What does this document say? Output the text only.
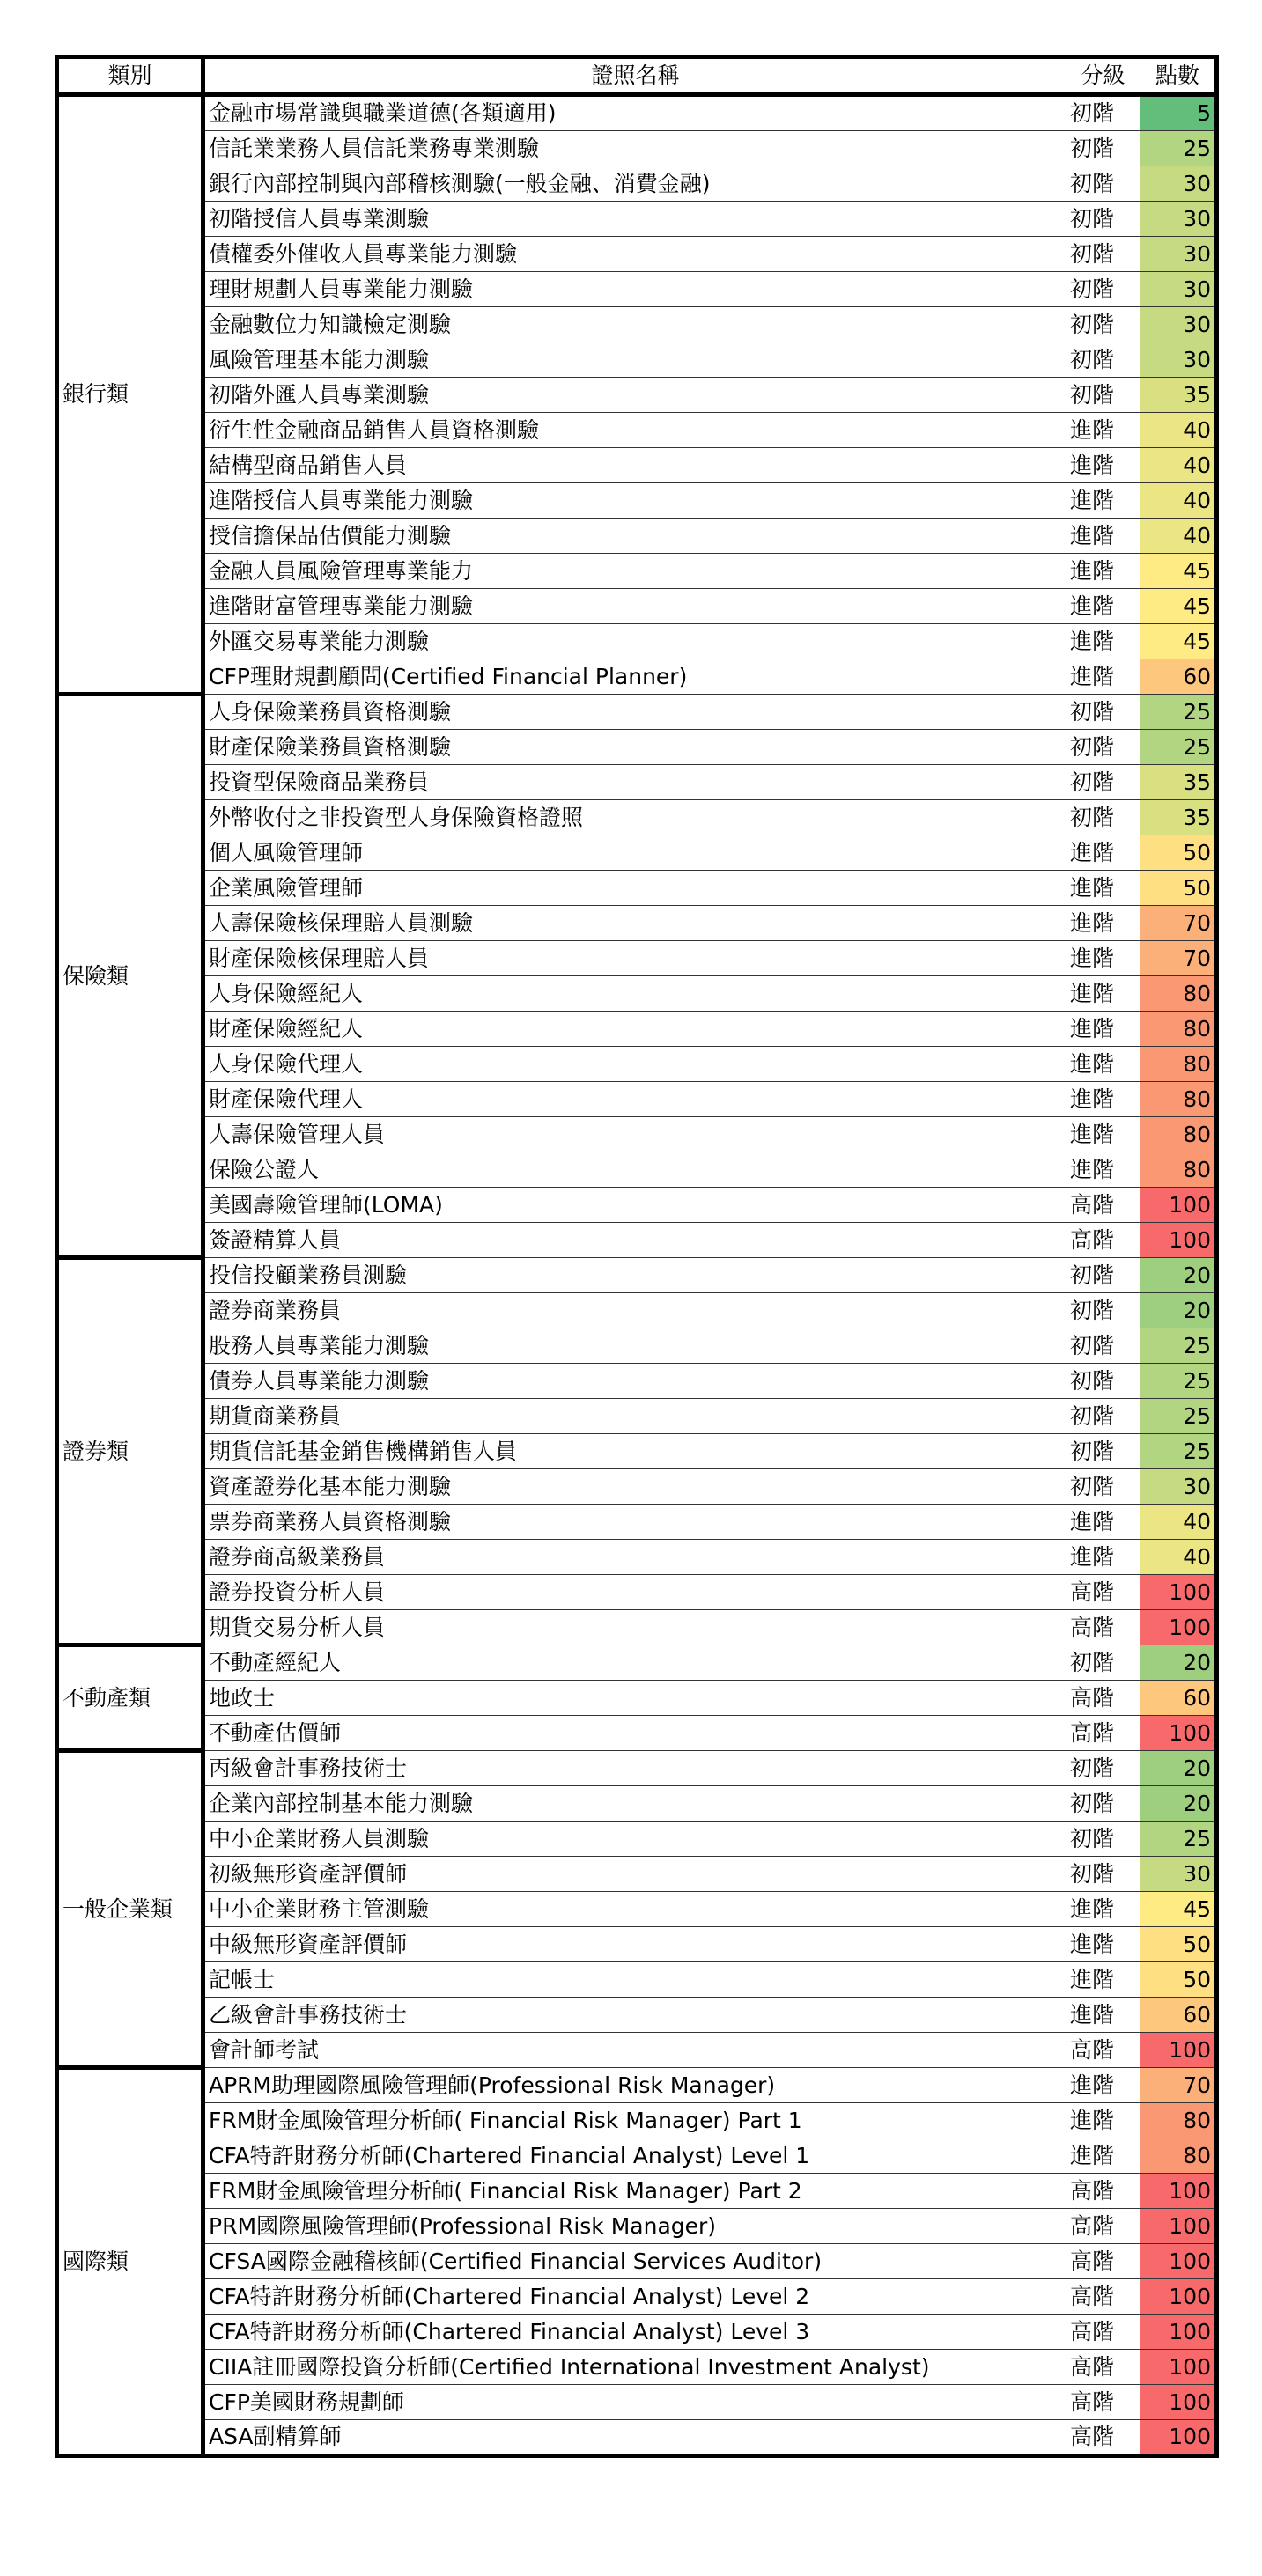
類別	證照名稱	分級	點數
銀行類	金融市場常識與職業道德(各類適用)	初階	5
	信託業業務人員信託業務專業測驗	初階	25
	銀行內部控制與內部稽核測驗(一般金融、消費金融)	初階	30
	初階授信人員專業測驗	初階	30
	債權委外催收人員專業能力測驗	初階	30
	理財規劃人員專業能力測驗	初階	30
	金融數位力知識檢定測驗	初階	30
	風險管理基本能力測驗	初階	30
	初階外匯人員專業測驗	初階	35
	衍生性金融商品銷售人員資格測驗	進階	40
	結構型商品銷售人員	進階	40
	進階授信人員專業能力測驗	進階	40
	授信擔保品估價能力測驗	進階	40
	金融人員風險管理專業能力	進階	45
	進階財富管理專業能力測驗	進階	45
	外匯交易專業能力測驗	進階	45
	CFP理財規劃顧問(Certified Financial Planner)	進階	60
保險類	人身保險業務員資格測驗	初階	25
	財產保險業務員資格測驗	初階	25
	投資型保險商品業務員	初階	35
	外幣收付之非投資型人身保險資格證照	初階	35
	個人風險管理師	進階	50
	企業風險管理師	進階	50
	人壽保險核保理賠人員測驗	進階	70
	財產保險核保理賠人員	進階	70
	人身保險經紀人	進階	80
	財產保險經紀人	進階	80
	人身保險代理人	進階	80
	財產保險代理人	進階	80
	人壽保險管理人員	進階	80
	保險公證人	進階	80
	美國壽險管理師(LOMA)	高階	100
	簽證精算人員	高階	100
證券類	投信投顧業務員測驗	初階	20
	證券商業務員	初階	20
	股務人員專業能力測驗	初階	25
	債券人員專業能力測驗	初階	25
	期貨商業務員	初階	25
	期貨信託基金銷售機構銷售人員	初階	25
	資產證券化基本能力測驗	初階	30
	票券商業務人員資格測驗	進階	40
	證券商高級業務員	進階	40
	證券投資分析人員	高階	100
	期貨交易分析人員	高階	100
不動產類	不動產經紀人	初階	20
	地政士	高階	60
	不動產估價師	高階	100
一般企業類	丙級會計事務技術士	初階	20
	企業內部控制基本能力測驗	初階	20
	中小企業財務人員測驗	初階	25
	初級無形資產評價師	初階	30
	中小企業財務主管測驗	進階	45
	中級無形資產評價師	進階	50
	記帳士	進階	50
	乙級會計事務技術士	進階	60
	會計師考試	高階	100
國際類	APRM助理國際風險管理師(Professional Risk Manager)	進階	70
	FRM財金風險管理分析師( Financial Risk Manager) Part 1	進階	80
	CFA特許財務分析師(Chartered Financial Analyst) Level 1	進階	80
	FRM財金風險管理分析師( Financial Risk Manager) Part 2	高階	100
	PRM國際風險管理師(Professional Risk Manager)	高階	100
	CFSA國際金融稽核師(Certified Financial Services Auditor)	高階	100
	CFA特許財務分析師(Chartered Financial Analyst) Level 2	高階	100
	CFA特許財務分析師(Chartered Financial Analyst) Level 3	高階	100
	CIIA註冊國際投資分析師(Certified International Investment Analyst)	高階	100
	CFP美國財務規劃師	高階	100
	ASA副精算師	高階	100
